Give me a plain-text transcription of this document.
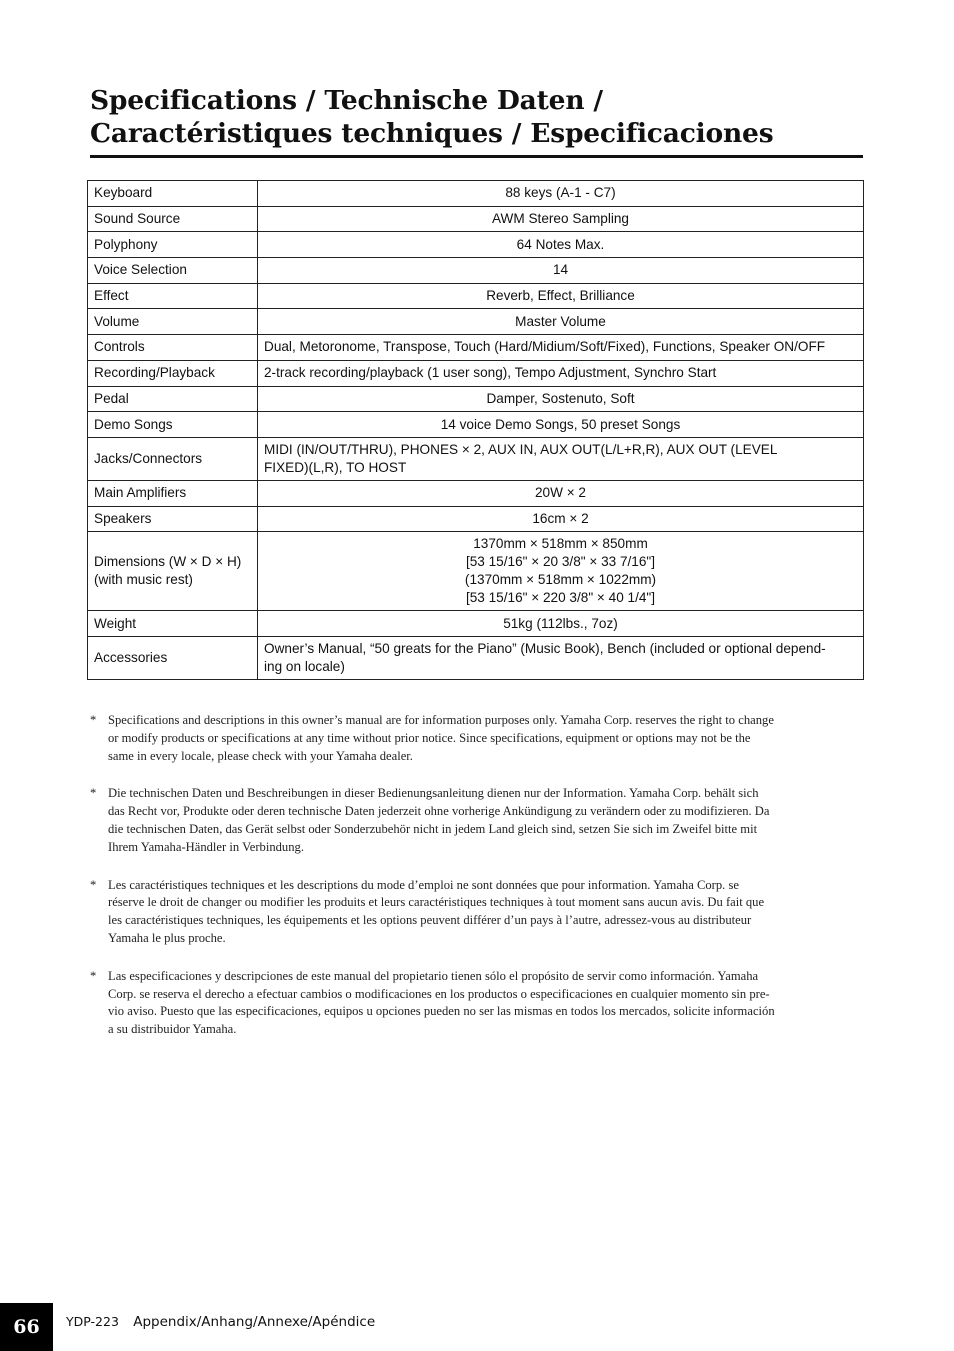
Specifications / Technische Daten /
Caractéristiques techniques / Especificaciones
Keyboard	88 keys (A-1 - C7)

Sound Source	AWM Stereo Sampling

Polyphony	64 Notes Max.

Voice Selection	14

Effect	Reverb, Effect, Brilliance

Volume	Master Volume

Controls	Dual, Metoronome, Transpose, Touch (Hard/Midium/Soft/Fixed), Functions, Speaker ON/OFF

Recording/Playback	2-track recording/playback (1 user song), Tempo Adjustment, Synchro Start

Pedal	Damper, Sostenuto, Soft

Demo Songs	14 voice Demo Songs, 50 preset Songs

Jacks/Connectors	MIDI (IN/OUT/THRU), PHONES × 2, AUX IN, AUX OUT(L/L+R,R), AUX OUT (LEVEL
FIXED)(L,R), TO HOST

Main Amplifiers	20W × 2

Speakers	16cm × 2

Dimensions (W × D × H)
(with music rest)	1370mm × 518mm × 850mm
[53 15/16" × 20 3/8" × 33 7/16"]
(1370mm × 518mm × 1022mm)
[53 15/16" × 220 3/8" × 40 1/4"]

Weight	51kg (112lbs., 7oz)

Accessories	Owner’s Manual, “50 greats for the Piano” (Music Book), Bench (included or optional depend-
ing on locale)
* Specifications and descriptions in this owner’s manual are for information purposes only. Yamaha Corp. reserves the right to change
or modify products or specifications at any time without prior notice. Since specifications, equipment or options may not be the
same in every locale, please check with your Yamaha dealer.
* Die technischen Daten und Beschreibungen in dieser Bedienungsanleitung dienen nur der Information. Yamaha Corp. behält sich
das Recht vor, Produkte oder deren technische Daten jederzeit ohne vorherige Ankündigung zu verändern oder zu modifizieren. Da
die technischen Daten, das Gerät selbst oder Sonderzubehör nicht in jedem Land gleich sind, setzen Sie sich im Zweifel bitte mit
Ihrem Yamaha-Händler in Verbindung.
* Les caractéristiques techniques et les descriptions du mode d’emploi ne sont données que pour information. Yamaha Corp. se
réserve le droit de changer ou modifier les produits et leurs caractéristiques techniques à tout moment sans aucun avis. Du fait que
les caractéristiques techniques, les équipements et les options peuvent différer d’un pays à l’autre, adressez-vous au distributeur
Yamaha le plus proche.
* Las especificaciones y descripciones de este manual del propietario tienen sólo el propósito de servir como información. Yamaha
Corp. se reserva el derecho a efectuar cambios o modificaciones en los productos o especificaciones en cualquier momento sin pre-
vio aviso. Puesto que las especificaciones, equipos u opciones pueden no ser las mismas en todos los mercados, solicite información
a su distribuidor Yamaha.
66	YDP-223 Appendix/Anhang/Annexe/Apéndice
